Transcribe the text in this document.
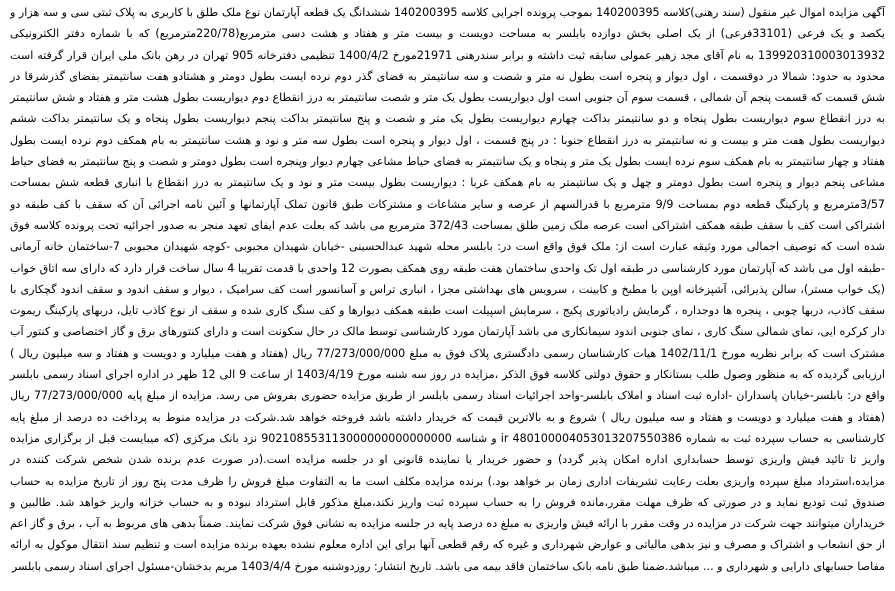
آگهی مزایده اموال غیر منقول (سند رهنی)کلاسه 140200395 بموجب پرونده اجرایی کلاسه 140200395 ششدانگ یک قطعه آپارتمان نوع ملک طلق با کاربری به پلاک ثبتی سی و سه هزار و یکصد و یک فرعی (33101فرعی) از یک اصلی بخش دوازده بابلسر به مساحت دویست و بیست متر و هفتاد و هشت دسی مترمربع(220/78مترمربع) که با شماره دفتر الکترونیکی 139920310003013932 به نام آقای مجد زهیر عمولی سابقه ثبت داشته و برابر سندرهنی 21971مورخ 1400/4/2 تنظیمی دفترخانه 905 تهران در رهن بانک ملی ایران قرار گرفته است محدود به حدود: شمالا در دوقسمت ، اول دیوار و پنجره است بطول نه متر و شصت و سه سانتیمتر به فضای گذر دوم نرده ایست بطول دومتر و هشتادو هفت سانتیمتر بفضای گذرشرقا در شش قسمت که قسمت پنجم آن شمالی ، قسمت سوم آن جنوبی است اول دیواریست بطول یک متر و شصت سانتیمتر به درز انقطاع دوم دیواریست بطول هشت متر و هفتاد و شش سانتیمتر به درز انقطاع سوم دیواریست بطول پنجاه و دو سانتیمتر بداکت چهارم دیواریست بطول یک متر و شصت و پنج سانتیمتر بداکت پنجم دیواریست بطول پنجاه و یک سانتیمتر بداکت ششم دیواریست بطول هفت متر و بیست و نه سانتیمتر به درز انقطاع جنوبا : در پنج قسمت ، اول دیوار و پنجره است بطول سه متر و نود و هشت سانتیمتر به بام همکف دوم نرده ایست بطول هفتاد و چهار سانتیمتر به بام همکف سوم نرده ایست بطول یک متر و پنجاه و یک سانتیمتر به فضای حیاط مشاعی چهارم دیوار وپنجره است بطول دومتر و شصت و پنج سانتیمتر به فضای حیاط مشاعی پنجم دیوار و پنجره است بطول دومتر و چهل و یک سانتیمتر به بام همکف غربا : دیواریست بطول بیست متر و نود و یک سانتیمتر به درز انقطاع با انباری قطعه شش بمساحت 3/57مترمربع و پارکینگ قطعه دوم بمساحت 9/9 مترمربع با قدرالسهم از عرصه و سایر مشاعات و مشترکات طبق قانون تملک آپارتمانها و آئین نامه اجرائی آن که سقف با کف طبقه دو اشتراکی است کف با سقف طبقه همکف اشتراکی است عرصه ملک زمین طلق بمساحت 372/43 مترمربع می باشد که بعلت عدم ایفای تعهد منجر به صدور اجرائیه تحت پرونده کلاسه فوق شده است که توصیف اجمالی مورد وثیقه عبارت است از: ملک فوق واقع است در: بابلسر محله شهید عبدالحسینی -خیابان شهیدان مجبوبی -کوچه شهیدان مجبوبی 7-ساختمان خانه آرمانی -طبقه اول می باشد که آپارتمان مورد کارشناسی در طبقه اول تک واحدی ساختمان هفت طبقه روی همکف بصورت 12 واحدی با قدمت تقریبا 4 سال ساخت قرار دارد که دارای سه اتاق خواب (یک خواب مستر)، سالن پذیرائی، آشپزخانه اوپن با مطبخ و کابینت ، سرویس های بهداشتی مجزا ، انباری تراس و آسانسور است کف سرامیک ، دیوار و سقف اندود و سقف اندود گچکاری با سقف کاذب، دربها چوبی ، پنجره ها دوجداره ، گرمایش رادیاتوری پکیج ، سرمایش اسپیلت است طبقه همکف دیوارها و کف سنگ کاری شده و سقف از نوع کاذب تایل، دربهای پارکینگ ریموت دار کرکره ایی، نمای شمالی سنگ کاری ، نمای جنوبی اندود سیمانکاری می باشد آپارتمان مورد کارشناسی توسط مالک در حال سکونت است و دارای کنتورهای برق و گاز اختصاصی و کنتور آب مشترک است که برابر نظریه مورخ 1402/11/1 هیات کارشناسان رسمی دادگستری پلاک فوق به مبلغ 77/273/000/000 ریال (هفتاد و هفت میلیارد و دویست و هفتاد و سه میلیون ریال ) ارزیابی گردیده که به منظور وصول طلب بستانکار و حقوق دولتی کلاسه فوق الذکر ،مزایده در روز سه شنبه مورخ 1403/4/19 از ساعت 9 الی 12 ظهر در اداره اجرای اسناد رسمی بابلسر واقع در: بابلسر-خیابان پاسداران -اداره ثبت اسناد و املاک بابلسر-واحد اجرائیات اسناد رسمی بابلسر از طریق مزایده حضوری بفروش می رسد. مزایده از مبلغ پایه 77/273/000/000 ریال (هفتاد و هفت میلیارد و دویست و هفتاد و سه میلیون ریال ) شروع و به بالاترین قیمت که خریدار داشته باشد فروخته خواهد شد.شرکت در مزایده منوط به پرداخت ده درصد از مبلغ پایه کارشناسی به حساب سپرده ثبت به شماره 480100004053013207550386 ir و شناسه 902108553113000000000000000 نزد بانک مرکزی (که میبایست قبل از برگزاری مزایده واریز تا تائید فیش واریزی توسط حسابداری اداره امکان پذیر گردد) و حضور خریدار یا نماینده قانونی او در جلسه مزایده است.(در صورت عدم برنده شدن شخص شرکت کننده در مزایده،استرداد مبلغ سپرده واریزی بعلت رعایت تشریفات اداری زمان بر خواهد بود.) برنده مزایده مکلف است ما به التفاوت مبلغ فروش را ظرف مدت پنج روز از تاریخ مزایده به حساب صندوق ثبت تودیع نماید و در صورتی که ظرف مهلت مقرر،مانده فروش را به حساب سپرده ثبت واریز نکند،مبلغ مذکور قابل استرداد نبوده و به حساب خزانه واریز خواهد شد. طالبین و خریداران میتوانند جهت شرکت در مزایده در وقت مقرر با ارائه فیش واریزی به مبلغ ده درصد پایه در جلسه مزایده به نشانی فوق شرکت نمایند. ضمناً بدهی های مربوط به آب ، برق و گاز اعم از حق انشعاب و اشتراک و مصرف و نیز بدهی مالیاتی و عوارض شهرداری و غیره که رقم قطعی آنها برای این اداره معلوم نشده بعهده برنده مزایده است و تنظیم سند انتقال موکول به ارائه مفاصا حسابهای دارایی و شهرداری و ... میباشد.ضمنا طبق نامه بانک ساختمان فاقد بیمه می باشد. تاریخ انتشار: روزدوشنبه مورخ 1403/4/4 مریم بدخشان-مسئول اجرای اسناد رسمی بابلسر
